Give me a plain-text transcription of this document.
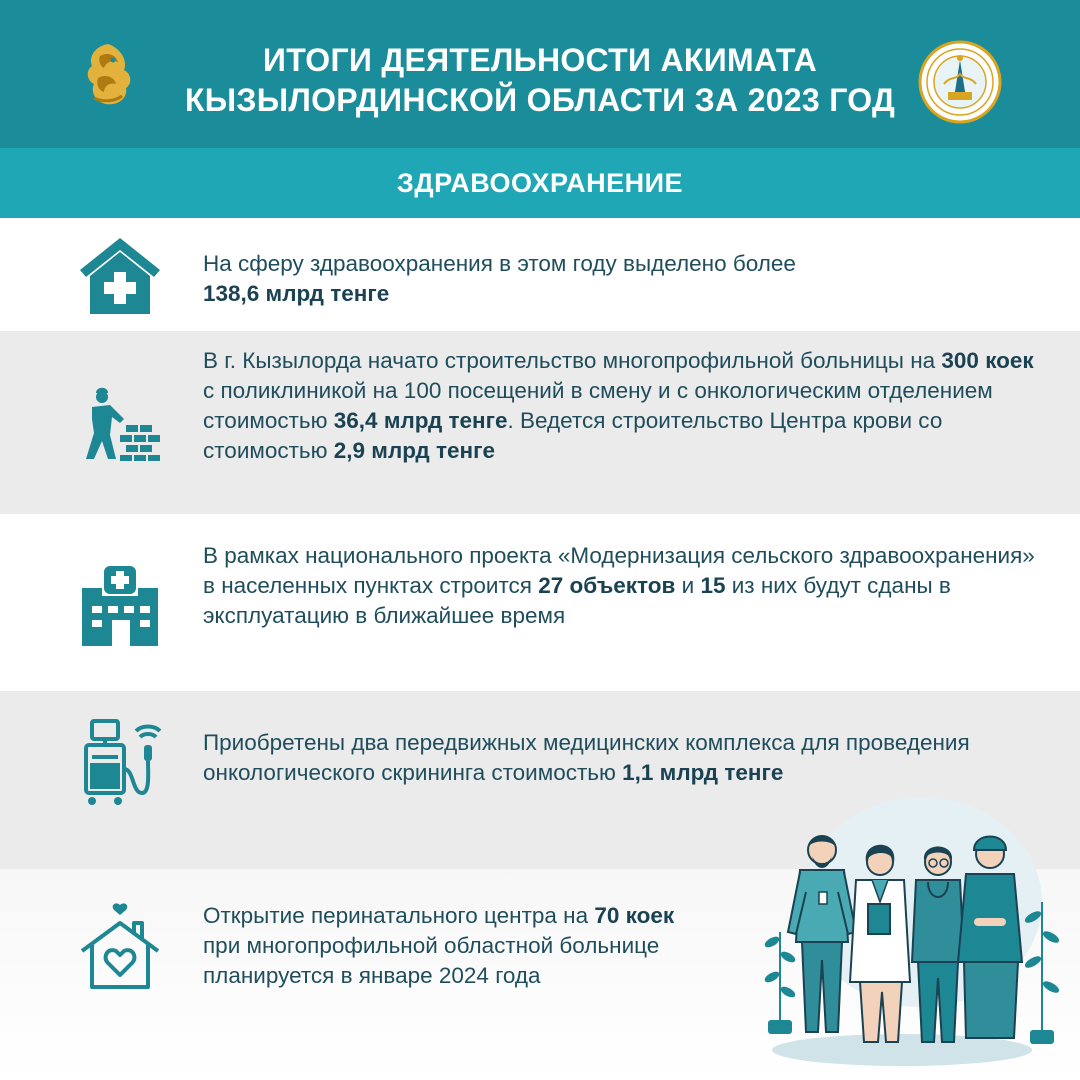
ИТОГИ ДЕЯТЕЛЬНОСТИ АКИМАТА
КЫЗЫЛОРДИНСКОЙ ОБЛАСТИ ЗА 2023 ГОД
ЗДРАВООХРАНЕНИЕ
На сферу здравоохранения в этом году выделено более
138,6 млрд тенге
В г. Кызылорда начато строительство многопрофильной больницы на 300 коек с поликлиникой на 100 посещений в смену и с онкологическим отделением стоимостью 36,4 млрд тенге. Ведется строительство Центра крови со стоимостью 2,9 млрд тенге
В рамках национального проекта «Модернизация сельского здравоохранения» в населенных пунктах строится 27 объектов и 15 из них будут сданы в эксплуатацию в ближайшее время
Приобретены два передвижных медицинских комплекса для проведения онкологического скрининга стоимостью 1,1 млрд тенге
Открытие перинатального центра на 70 коек при многопрофильной областной больнице планируется в январе 2024 года
